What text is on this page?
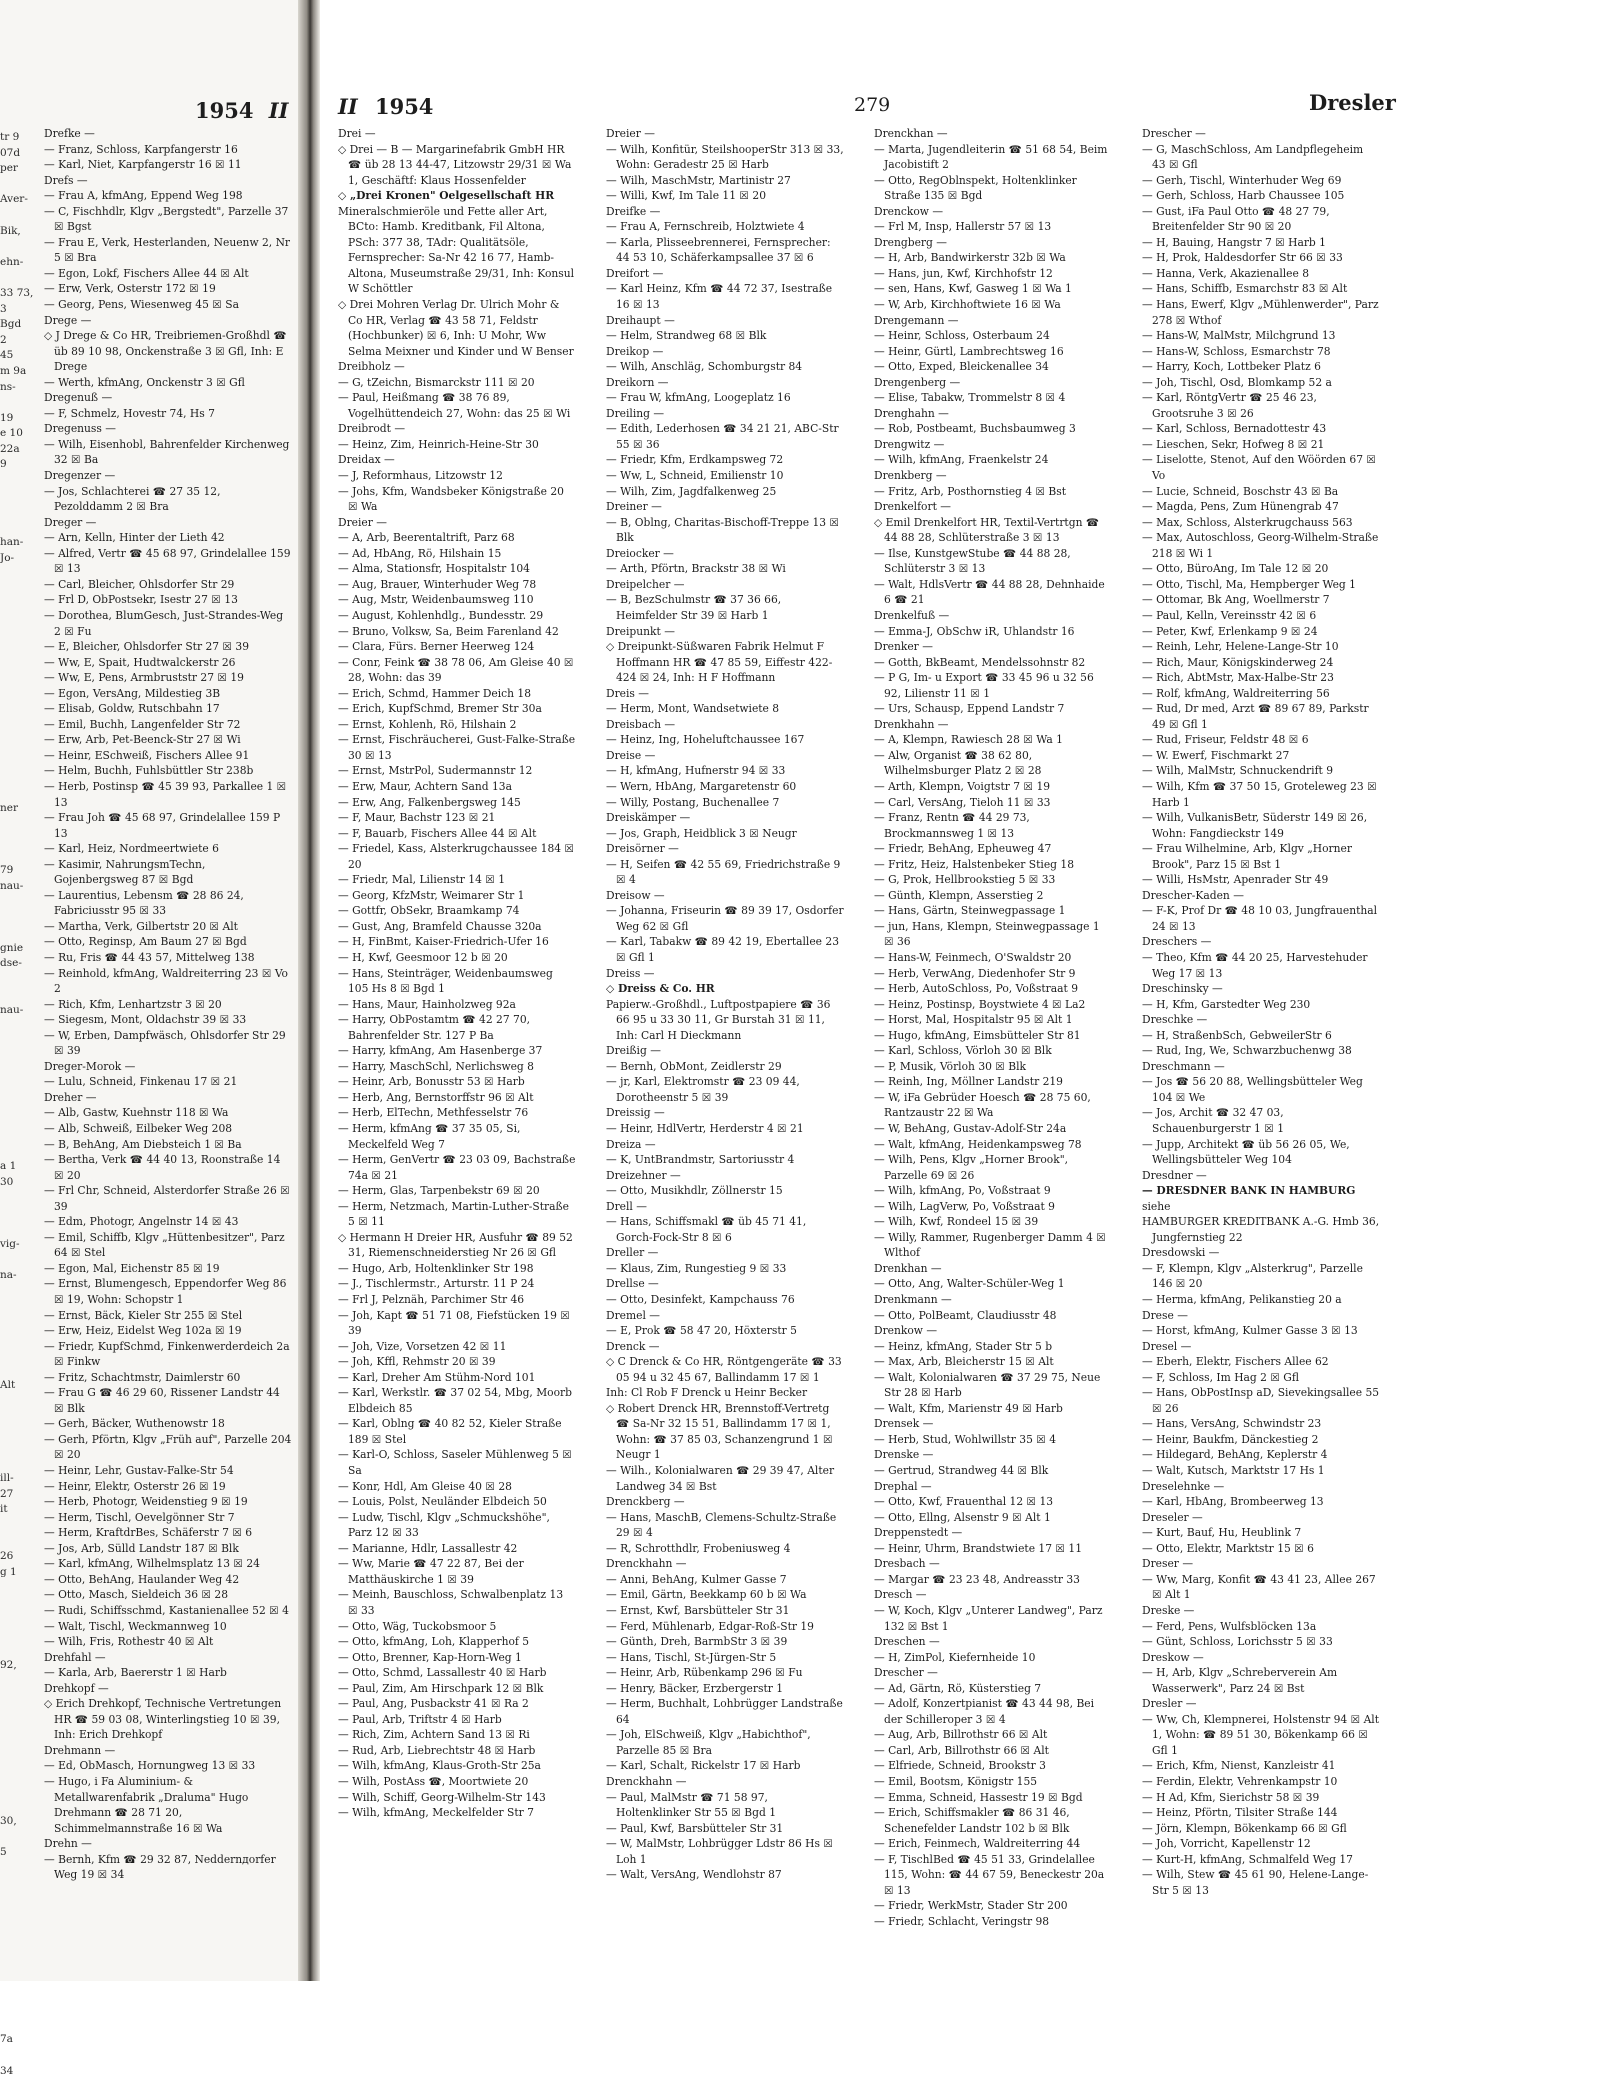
tr 9
07d
per

Aver-

Bik,

ehn-

33 73,
3
Bgd
2
45
m 9a
ns-

19
e 10
22a
9

han-
Jo-

ner

79
nau-

gnie
dse-

nau-

a 1
30

vig-

na-

Alt

ill-
27
it

26
g 1

92,

30,

5

7a

34
1954 II

Drefke —

— Franz, Schloss, Karpfangerstr 16

— Karl, Niet, Karpfangerstr 16 ☒ 11

Drefs —

— Frau A, kfmAng, Eppend Weg 198

— C, Fischhdlr, Klgv „Bergstedt", Parzelle 37 ☒ Bgst

— Frau E, Verk, Hesterlanden, Neuenw 2, Nr 5 ☒ Bra

— Egon, Lokf, Fischers Allee 44 ☒ Alt

— Erw, Verk, Osterstr 172 ☒ 19

— Georg, Pens, Wiesenweg 45 ☒ Sa

Drege —

◇ J Drege & Co HR, Treibriemen-Großhdl ☎ üb 89 10 98, Onckenstraße 3 ☒ Gfl, Inh: E Drege

— Werth, kfmAng, Onckenstr 3 ☒ Gfl

Dregenuß —

— F, Schmelz, Hovestr 74, Hs 7

Dregenuss —

— Wilh, Eisenhobl, Bahrenfelder Kirchenweg 32 ☒ Ba

Dregenzer —

— Jos, Schlachterei ☎ 27 35 12, Pezolddamm 2 ☒ Bra

Dreger —

— Arn, Kelln, Hinter der Lieth 42

— Alfred, Vertr ☎ 45 68 97, Grindelallee 159 ☒ 13

— Carl, Bleicher, Ohlsdorfer Str 29

— Frl D, ObPostsekr, Isestr 27 ☒ 13

— Dorothea, BlumGesch, Just-Strandes-Weg 2 ☒ Fu

— E, Bleicher, Ohlsdorfer Str 27 ☒ 39

— Ww, E, Spait, Hudtwalckerstr 26

— Ww, E, Pens, Armbruststr 27 ☒ 19

— Egon, VersAng, Mildestieg 3B

— Elisab, Goldw, Rutschbahn 17

— Emil, Buchh, Langenfelder Str 72

— Erw, Arb, Pet-Beenck-Str 27 ☒ Wi

— Heinr, ESchweiß, Fischers Allee 91

— Helm, Buchh, Fuhlsbüttler Str 238b

— Herb, Postinsp ☎ 45 39 93, Parkallee 1 ☒ 13

— Frau Joh ☎ 45 68 97, Grindelallee 159 P 13

— Karl, Heiz, Nordmeertwiete 6

— Kasimir, NahrungsmTechn, Gojenbergsweg 87 ☒ Bgd

— Laurentius, Lebensm ☎ 28 86 24, Fabriciusstr 95 ☒ 33

— Martha, Verk, Gilbertstr 20 ☒ Alt

— Otto, Reginsp, Am Baum 27 ☒ Bgd

— Ru, Fris ☎ 44 43 57, Mittelweg 138

— Reinhold, kfmAng, Waldreiterring 23 ☒ Vo 2

— Rich, Kfm, Lenhartzstr 3 ☒ 20

— Siegesm, Mont, Oldachstr 39 ☒ 33

— W, Erben, Dampfwäsch, Ohlsdorfer Str 29 ☒ 39

Dreger-Morok —

— Lulu, Schneid, Finkenau 17 ☒ 21

Dreher —

— Alb, Gastw, Kuehnstr 118 ☒ Wa

— Alb, Schweiß, Eilbeker Weg 208

— B, BehAng, Am Diebsteich 1 ☒ Ba

— Bertha, Verk ☎ 44 40 13, Roonstraße 14 ☒ 20

— Frl Chr, Schneid, Alsterdorfer Straße 26 ☒ 39

— Edm, Photogr, Angelnstr 14 ☒ 43

— Emil, Schiffb, Klgv „Hüttenbesitzer", Parz 64 ☒ Stel

— Egon, Mal, Eichenstr 85 ☒ 19

— Ernst, Blumengesch, Eppendorfer Weg 86 ☒ 19, Wohn: Schopstr 1

— Ernst, Bäck, Kieler Str 255 ☒ Stel

— Erw, Heiz, Eidelst Weg 102a ☒ 19

— Friedr, KupfSchmd, Finkenwerderdeich 2a ☒ Finkw

— Fritz, Schachtmstr, Daimlerstr 60

— Frau G ☎ 46 29 60, Rissener Landstr 44 ☒ Blk

— Gerh, Bäcker, Wuthenowstr 18

— Gerh, Pförtn, Klgv „Früh auf", Parzelle 204 ☒ 20

— Heinr, Lehr, Gustav-Falke-Str 54

— Heinr, Elektr, Osterstr 26 ☒ 19

— Herb, Photogr, Weidenstieg 9 ☒ 19

— Herm, Tischl, Oevelgönner Str 7

— Herm, KraftdrBes, Schäferstr 7 ☒ 6

— Jos, Arb, Sülld Landstr 187 ☒ Blk

— Karl, kfmAng, Wilhelmsplatz 13 ☒ 24

— Otto, BehAng, Haulander Weg 42

— Otto, Masch, Sieldeich 36 ☒ 28

— Rudi, Schiffsschmd, Kastanienallee 52 ☒ 4

— Walt, Tischl, Weckmannweg 10

— Wilh, Fris, Rothestr 40 ☒ Alt

Drehfahl —

— Karla, Arb, Baererstr 1 ☒ Harb

Drehkopf —

◇ Erich Drehkopf, Technische Vertretungen HR ☎ 59 03 08, Winterlingstieg 10 ☒ 39, Inh: Erich Drehkopf

Drehmann —

— Ed, ObMasch, Hornungweg 13 ☒ 33

— Hugo, i Fa Aluminium- & Metallwarenfabrik „Draluma" Hugo Drehmann ☎ 28 71 20, Schimmelmannstraße 16 ☒ Wa

Drehn —

— Bernh, Kfm ☎ 29 32 87, Neddernдorfer Weg 19 ☒ 34

II 1954	279	Dresler

Drei —

◇ Drei — B — Margarinefabrik GmbH HR ☎ üb 28 13 44-47, Litzowstr 29/31 ☒ Wa 1, Geschäftf: Klaus Hossenfelder

◇ „Drei Kronen" Oelgesellschaft HR

Mineralschmieröle und Fette aller Art, BCto: Hamb. Kreditbank, Fil Altona, PSch: 377 38, TAdr: Qualitätsöle, Fernsprecher: Sa-Nr 42 16 77, Hamb-Altona, Museumstraße 29/31, Inh: Konsul W Schöttler

◇ Drei Mohren Verlag Dr. Ulrich Mohr & Co HR, Verlag ☎ 43 58 71, Feldstr (Hochbunker) ☒ 6, Inh: U Mohr, Ww Selma Meixner und Kinder und W Benser

Dreibholz —

— G, tZeichn, Bismarckstr 111 ☒ 20

— Paul, Heißmang ☎ 38 76 89, Vogelhüttendeich 27, Wohn: das 25 ☒ Wi

Dreibrodt —

— Heinz, Zim, Heinrich-Heine-Str 30

Dreidax —

— J, Reformhaus, Litzowstr 12

— Johs, Kfm, Wandsbeker Königstraße 20 ☒ Wa

Dreier —

— A, Arb, Beerentaltrift, Parz 68

— Ad, HbAng, Rö, Hilshain 15

— Alma, Stationsfr, Hospitalstr 104

— Aug, Brauer, Winterhuder Weg 78

— Aug, Mstr, Weidenbaumsweg 110

— August, Kohlenhdlg., Bundesstr. 29

— Bruno, Volksw, Sa, Beim Farenland 42

— Clara, Fürs. Berner Heerweg 124

— Conr, Feink ☎ 38 78 06, Am Gleise 40 ☒ 28, Wohn: das 39

— Erich, Schmd, Hammer Deich 18

— Erich, KupfSchmd, Bremer Str 30a

— Ernst, Kohlenh, Rö, Hilshain 2

— Ernst, Fischräucherei, Gust-Falke-Straße 30 ☒ 13

— Ernst, MstrPol, Sudermannstr 12

— Erw, Maur, Achtern Sand 13a

— Erw, Ang, Falkenbergsweg 145

— F, Maur, Bachstr 123 ☒ 21

— F, Bauarb, Fischers Allee 44 ☒ Alt

— Friedel, Kass, Alsterkrugchaussee 184 ☒ 20

— Friedr, Mal, Lilienstr 14 ☒ 1

— Georg, KfzMstr, Weimarer Str 1

— Gottfr, ObSekr, Braamkamp 74

— Gust, Ang, Bramfeld Chausse 320a

— H, FinBmt, Kaiser-Friedrich-Ufer 16

— H, Kwf, Geesmoor 12 b ☒ 20

— Hans, Steinträger, Weidenbaumsweg 105 Hs 8 ☒ Bgd 1

— Hans, Maur, Hainholzweg 92a

— Harry, ObPostamtm ☎ 42 27 70, Bahrenfelder Str. 127 P Ba

— Harry, kfmAng, Am Hasenberge 37

— Harry, MaschSchl, Nerlichsweg 8

— Heinr, Arb, Bonusstr 53 ☒ Harb

— Herb, Ang, Bernstorffstr 96 ☒ Alt

— Herb, ElTechn, Methfesselstr 76

— Herm, kfmAng ☎ 37 35 05, Si, Meckelfeld Weg 7

— Herm, GenVertr ☎ 23 03 09, Bachstraße 74a ☒ 21

— Herm, Glas, Tarpenbekstr 69 ☒ 20

— Herm, Netzmach, Martin-Luther-Straße 5 ☒ 11

◇ Hermann H Dreier HR, Ausfuhr ☎ 89 52 31, Riemenschneiderstieg Nr 26 ☒ Gfl

— Hugo, Arb, Holtenklinker Str 198

— J., Tischlermstr., Arturstr. 11 P 24

— Frl J, Pelznäh, Parchimer Str 46

— Joh, Kapt ☎ 51 71 08, Fiefstücken 19 ☒ 39

— Joh, Vize, Vorsetzen 42 ☒ 11

— Joh, Kffl, Rehmstr 20 ☒ 39

— Karl, Dreher Am Stühm-Nord 101

— Karl, Werkstlr. ☎ 37 02 54, Mbg, Moorb Elbdeich 85

— Karl, Oblng ☎ 40 82 52, Kieler Straße 189 ☒ Stel

— Karl-O, Schloss, Saseler Mühlenweg 5 ☒ Sa

— Konr, Hdl, Am Gleise 40 ☒ 28

— Louis, Polst, Neuländer Elbdeich 50

— Ludw, Tischl, Klgv „Schmuckshöhe", Parz 12 ☒ 33

— Marianne, Hdlr, Lassallestr 42

— Ww, Marie ☎ 47 22 87, Bei der Matthäuskirche 1 ☒ 39

— Meinh, Bauschloss, Schwalbenplatz 13 ☒ 33

— Otto, Wäg, Tuckobsmoor 5

— Otto, kfmAng, Loh, Klapperhof 5

— Otto, Brenner, Kap-Horn-Weg 1

— Otto, Schmd, Lassallestr 40 ☒ Harb

— Paul, Zim, Am Hirschpark 12 ☒ Blk

— Paul, Ang, Pusbackstr 41 ☒ Ra 2

— Paul, Arb, Triftstr 4 ☒ Harb

— Rich, Zim, Achtern Sand 13 ☒ Ri

— Rud, Arb, Liebrechtstr 48 ☒ Harb

— Wilh, kfmAng, Klaus-Groth-Str 25a

— Wilh, PostAss ☎, Moortwiete 20

— Wilh, Schiff, Georg-Wilhelm-Str 143

— Wilh, kfmAng, Meckelfelder Str 7

Dreier —

— Wilh, Konfitür, SteilshooperStr 313 ☒ 33, Wohn: Geradestr 25 ☒ Harb

— Wilh, MaschMstr, Martinistr 27

— Willi, Kwf, Im Tale 11 ☒ 20

Dreifke —

— Frau A, Fernschreib, Holztwiete 4

— Karla, Plisseebrennerei, Fernsprecher: 44 53 10, Schäferkampsallee 37 ☒ 6

Dreifort —

— Karl Heinz, Kfm ☎ 44 72 37, Isestraße 16 ☒ 13

Dreihaupt —

— Helm, Strandweg 68 ☒ Blk

Dreikop —

— Wilh, Anschläg, Schomburgstr 84

Dreikorn —

— Frau W, kfmAng, Loogeplatz 16

Dreiling —

— Edith, Lederhosen ☎ 34 21 21, ABC-Str 55 ☒ 36

— Friedr, Kfm, Erdkampsweg 72

— Ww, L, Schneid, Emilienstr 10

— Wilh, Zim, Jagdfalkenweg 25

Dreiner —

— B, Oblng, Charitas-Bischoff-Treppe 13 ☒ Blk

Dreiocker —

— Arth, Pförtn, Brackstr 38 ☒ Wi

Dreipelcher —

— B, BezSchulmstr ☎ 37 36 66, Heimfelder Str 39 ☒ Harb 1

Dreipunkt —

◇ Dreipunkt-Süßwaren Fabrik Helmut F Hoffmann HR ☎ 47 85 59, Eiffestr 422-424 ☒ 24, Inh: H F Hoffmann

Dreis —

— Herm, Mont, Wandsetwiete 8

Dreisbach —

— Heinz, Ing, Hoheluftchaussee 167

Dreise —

— H, kfmAng, Hufnerstr 94 ☒ 33

— Wern, HbAng, Margaretenstr 60

— Willy, Postang, Buchenallee 7

Dreiskämper —

— Jos, Graph, Heidblick 3 ☒ Neugr

Dreisörner —

— H, Seifen ☎ 42 55 69, Friedrichstraße 9 ☒ 4

Dreisow —

— Johanna, Friseurin ☎ 89 39 17, Osdorfer Weg 62 ☒ Gfl

— Karl, Tabakw ☎ 89 42 19, Ebertallee 23 ☒ Gfl 1

Dreiss —

◇ Dreiss & Co. HR

Papierw.-Großhdl., Luftpostpapiere ☎ 36 66 95 u 33 30 11, Gr Burstah 31 ☒ 11, Inh: Carl H Dieckmann

Dreißig —

— Bernh, ObMont, Zeidlerstr 29

— jr, Karl, Elektromstr ☎ 23 09 44, Dorotheenstr 5 ☒ 39

Dreissig —

— Heinr, HdlVertr, Herderstr 4 ☒ 21

Dreiza —

— K, UntBrandmstr, Sartoriusstr 4

Dreizehner —

— Otto, Musikhdlr, Zöllnerstr 15

Drell —

— Hans, Schiffsmakl ☎ üb 45 71 41, Gorch-Fock-Str 8 ☒ 6

Dreller —

— Klaus, Zim, Rungestieg 9 ☒ 33

Drellse —

— Otto, Desinfekt, Kampchauss 76

Dremel —

— E, Prok ☎ 58 47 20, Höxterstr 5

Drenck —

◇ C Drenck & Co HR, Röntgengeräte ☎ 33 05 94 u 32 45 67, Ballindamm 17 ☒ 1

Inh: Cl Rob F Drenck u Heinr Becker

◇ Robert Drenck HR, Brennstoff-Vertretg ☎ Sa-Nr 32 15 51, Ballindamm 17 ☒ 1, Wohn: ☎ 37 85 03, Schanzengrund 1 ☒ Neugr 1

— Wilh., Kolonialwaren ☎ 29 39 47, Alter Landweg 34 ☒ Bst

Drenckberg —

— Hans, MaschB, Clemens-Schultz-Straße 29 ☒ 4

— R, Schrotthdlr, Frobeniusweg 4

Drenckhahn —

— Anni, BehAng, Kulmer Gasse 7

— Emil, Gärtn, Beekkamp 60 b ☒ Wa

— Ernst, Kwf, Barsbütteler Str 31

— Ferd, Mühlenarb, Edgar-Roß-Str 19

— Günth, Dreh, BarmbStr 3 ☒ 39

— Hans, Tischl, St-Jürgen-Str 5

— Heinr, Arb, Rübenkamp 296 ☒ Fu

— Henry, Bäcker, Erzbergerstr 1

— Herm, Buchhalt, Lohbrügger Landstraße 64

— Joh, ElSchweiß, Klgv „Habichthof", Parzelle 85 ☒ Bra

— Karl, Schalt, Rickelstr 17 ☒ Harb

Drenckhahn —

— Paul, MalMstr ☎ 71 58 97, Holtenklinker Str 55 ☒ Bgd 1

— Paul, Kwf, Barsbütteler Str 31

— W, MalMstr, Lohbrügger Ldstr 86 Hs ☒ Loh 1

— Walt, VersAng, Wendlohstr 87

Drenckhan —

— Marta, Jugendleiterin ☎ 51 68 54, Beim Jacobistift 2

— Otto, RegOblnspekt, Holtenklinker Straße 135 ☒ Bgd

Drenckow —

— Frl M, Insp, Hallerstr 57 ☒ 13

Drengberg —

— H, Arb, Bandwirkerstr 32b ☒ Wa

— Hans, jun, Kwf, Kirchhofstr 12

— sen, Hans, Kwf, Gasweg 1 ☒ Wa 1

— W, Arb, Kirchhoftwiete 16 ☒ Wa

Drengemann —

— Heinr, Schloss, Osterbaum 24

— Heinr, Gürtl, Lambrechtsweg 16

— Otto, Exped, Bleickenallee 34

Drengenberg —

— Elise, Tabakw, Trommelstr 8 ☒ 4

Drenghahn —

— Rob, Postbeamt, Buchsbaumweg 3

Drengwitz —

— Wilh, kfmAng, Fraenkelstr 24

Drenkberg —

— Fritz, Arb, Posthornstieg 4 ☒ Bst

Drenkelfort —

◇ Emil Drenkelfort HR, Textil-Vertrtgn ☎ 44 88 28, Schlüterstraße 3 ☒ 13

— Ilse, KunstgewStube ☎ 44 88 28, Schlüterstr 3 ☒ 13

— Walt, HdlsVertr ☎ 44 88 28, Dehnhaide 6 ☎ 21

Drenkelfuß —

— Emma-J, ObSchw iR, Uhlandstr 16

Drenker —

— Gotth, BkBeamt, Mendelssohnstr 82

— P G, Im- u Export ☎ 33 45 96 u 32 56 92, Lilienstr 11 ☒ 1

— Urs, Schausp, Eppend Landstr 7

Drenkhahn —

— A, Klempn, Rawiesch 28 ☒ Wa 1

— Alw, Organist ☎ 38 62 80, Wilhelmsburger Platz 2 ☒ 28

— Arth, Klempn, Voigtstr 7 ☒ 19

— Carl, VersAng, Tieloh 11 ☒ 33

— Franz, Rentn ☎ 44 29 73, Brockmannsweg 1 ☒ 13

— Friedr, BehAng, Epheuweg 47

— Fritz, Heiz, Halstenbeker Stieg 18

— G, Prok, Hellbrookstieg 5 ☒ 33

— Günth, Klempn, Asserstieg 2

— Hans, Gärtn, Steinwegpassage 1

— jun, Hans, Klempn, Steinwegpassage 1 ☒ 36

— Hans-W, Feinmech, O'Swaldstr 20

— Herb, VerwAng, Diedenhofer Str 9

— Herb, AutoSchloss, Po, Voßstraat 9

— Heinz, Postinsp, Boystwiete 4 ☒ La2

— Horst, Mal, Hospitalstr 95 ☒ Alt 1

— Hugo, kfmAng, Eimsbütteler Str 81

— Karl, Schloss, Vörloh 30 ☒ Blk

— P, Musik, Vörloh 30 ☒ Blk

— Reinh, Ing, Möllner Landstr 219

— W, iFa Gebrüder Hoesch ☎ 28 75 60, Rantzaustr 22 ☒ Wa

— W, BehAng, Gustav-Adolf-Str 24a

— Walt, kfmAng, Heidenkampsweg 78

— Wilh, Pens, Klgv „Horner Brook", Parzelle 69 ☒ 26

— Wilh, kfmAng, Po, Voßstraat 9

— Wilh, LagVerw, Po, Voßstraat 9

— Wilh, Kwf, Rondeel 15 ☒ 39

— Willy, Rammer, Rugenberger Damm 4 ☒ Wlthof

Drenkhan —

— Otto, Ang, Walter-Schüler-Weg 1

Drenkmann —

— Otto, PolBeamt, Claudiusstr 48

Drenkow —

— Heinz, kfmAng, Stader Str 5 b

— Max, Arb, Bleicherstr 15 ☒ Alt

— Walt, Kolonialwaren ☎ 37 29 75, Neue Str 28 ☒ Harb

— Walt, Kfm, Marienstr 49 ☒ Harb

Drensek —

— Herb, Stud, Wohlwillstr 35 ☒ 4

Drenske —

— Gertrud, Strandweg 44 ☒ Blk

Drephal —

— Otto, Kwf, Frauenthal 12 ☒ 13

— Otto, Ellng, Alsenstr 9 ☒ Alt 1

Dreppenstedt —

— Heinr, Uhrm, Brandstwiete 17 ☒ 11

Dresbach —

— Margar ☎ 23 23 48, Andreasstr 33

Dresch —

— W, Koch, Klgv „Unterer Landweg", Parz 132 ☒ Bst 1

Dreschen —

— H, ZimPol, Kiefernheide 10

Drescher —

— Ad, Gärtn, Rö, Küsterstieg 7

— Adolf, Konzertpianist ☎ 43 44 98, Bei der Schilleroper 3 ☒ 4

— Aug, Arb, Billrothstr 66 ☒ Alt

— Carl, Arb, Billrothstr 66 ☒ Alt

— Elfriede, Schneid, Brookstr 3

— Emil, Bootsm, Königstr 155

— Emma, Schneid, Hassestr 19 ☒ Bgd

— Erich, Schiffsmakler ☎ 86 31 46, Schenefelder Landstr 102 b ☒ Blk

— Erich, Feinmech, Waldreiterring 44

— F, TischlBed ☎ 45 51 33, Grindelallee 115, Wohn: ☎ 44 67 59, Beneckestr 20a ☒ 13

— Friedr, WerkMstr, Stader Str 200

— Friedr, Schlacht, Veringstr 98

Drescher —

— G, MaschSchloss, Am Landpflegeheim 43 ☒ Gfl

— Gerh, Tischl, Winterhuder Weg 69

— Gerh, Schloss, Harb Chaussee 105

— Gust, iFa Paul Otto ☎ 48 27 79, Breitenfelder Str 90 ☒ 20

— H, Bauing, Hangstr 7 ☒ Harb 1

— H, Prok, Haldesdorfer Str 66 ☒ 33

— Hanna, Verk, Akazienallee 8

— Hans, Schiffb, Esmarchstr 83 ☒ Alt

— Hans, Ewerf, Klgv „Mühlenwerder", Parz 278 ☒ Wthof

— Hans-W, MalMstr, Milchgrund 13

— Hans-W, Schloss, Esmarchstr 78

— Harry, Koch, Lottbeker Platz 6

— Joh, Tischl, Osd, Blomkamp 52 a

— Karl, RöntgVertr ☎ 25 46 23, Grootsruhe 3 ☒ 26

— Karl, Schloss, Bernadottestr 43

— Lieschen, Sekr, Hofweg 8 ☒ 21

— Liselotte, Stenot, Auf den Wöörden 67 ☒ Vo

— Lucie, Schneid, Boschstr 43 ☒ Ba

— Magda, Pens, Zum Hünengrab 47

— Max, Schloss, Alsterkrugchauss 563

— Max, Autoschloss, Georg-Wilhelm-Straße 218 ☒ Wi 1

— Otto, BüroAng, Im Tale 12 ☒ 20

— Otto, Tischl, Ma, Hempberger Weg 1

— Ottomar, Bk Ang, Woellmerstr 7

— Paul, Kelln, Vereinsstr 42 ☒ 6

— Peter, Kwf, Erlenkamp 9 ☒ 24

— Reinh, Lehr, Helene-Lange-Str 10

— Rich, Maur, Königskinderweg 24

— Rich, AbtMstr, Max-Halbe-Str 23

— Rolf, kfmAng, Waldreiterring 56

— Rud, Dr med, Arzt ☎ 89 67 89, Parkstr 49 ☒ Gfl 1

— Rud, Friseur, Feldstr 48 ☒ 6

— W. Ewerf, Fischmarkt 27

— Wilh, MalMstr, Schnuckendrift 9

— Wilh, Kfm ☎ 37 50 15, Groteleweg 23 ☒ Harb 1

— Wilh, VulkanisBetr, Süderstr 149 ☒ 26, Wohn: Fangdieckstr 149

— Frau Wilhelmine, Arb, Klgv „Horner Brook", Parz 15 ☒ Bst 1

— Willi, HsMstr, Apenrader Str 49

Drescher-Kaden —

— F-K, Prof Dr ☎ 48 10 03, Jungfrauenthal 24 ☒ 13

Dreschers —

— Theo, Kfm ☎ 44 20 25, Harvestehuder Weg 17 ☒ 13

Dreschinsky —

— H, Kfm, Garstedter Weg 230

Dreschke —

— H, StraßenbSch, GebweilerStr 6

— Rud, Ing, We, Schwarzbuchenwg 38

Dreschmann —

— Jos ☎ 56 20 88, Wellingsbütteler Weg 104 ☒ We

— Jos, Archit ☎ 32 47 03, Schauenburgerstr 1 ☒ 1

— Jupp, Architekt ☎ üb 56 26 05, We, Wellingsbütteler Weg 104

Dresdner —

— DRESDNER BANK IN HAMBURG

siehe

HAMBURGER KREDITBANK A.-G. Hmb 36, Jungfernstieg 22

Dresdowski —

— F, Klempn, Klgv „Alsterkrug", Parzelle 146 ☒ 20

— Herma, kfmAng, Pelikanstieg 20 a

Drese —

— Horst, kfmAng, Kulmer Gasse 3 ☒ 13

Dresel —

— Eberh, Elektr, Fischers Allee 62

— F, Schloss, Im Hag 2 ☒ Gfl

— Hans, ObPostInsp aD, Sievekingsallee 55 ☒ 26

— Hans, VersAng, Schwindstr 23

— Heinr, Baukfm, Dänckestieg 2

— Hildegard, BehAng, Keplerstr 4

— Walt, Kutsch, Marktstr 17 Hs 1

Dreselehnke —

— Karl, HbAng, Brombeerweg 13

Dreseler —

— Kurt, Bauf, Hu, Heublink 7

— Otto, Elektr, Marktstr 15 ☒ 6

Dreser —

— Ww, Marg, Konfit ☎ 43 41 23, Allee 267 ☒ Alt 1

Dreske —

— Ferd, Pens, Wulfsblöcken 13a

— Günt, Schloss, Lorichsstr 5 ☒ 33

Dreskow —

— H, Arb, Klgv „Schreberverein Am Wasserwerk", Parz 24 ☒ Bst

Dresler —

— Ww, Ch, Klempnerei, Holstenstr 94 ☒ Alt 1, Wohn: ☎ 89 51 30, Bökenkamp 66 ☒ Gfl 1

— Erich, Kfm, Nienst, Kanzleistr 41

— Ferdin, Elektr, Vehrenkampstr 10

— H Ad, Kfm, Sierichstr 58 ☒ 39

— Heinz, Pförtn, Tilsiter Straße 144

— Jörn, Klempn, Bökenkamp 66 ☒ Gfl

— Joh, Vorricht, Kapellenstr 12

— Kurt-H, kfmAng, Schmalfeld Weg 17

— Wilh, Stew ☎ 45 61 90, Helene-Lange-Str 5 ☒ 13
